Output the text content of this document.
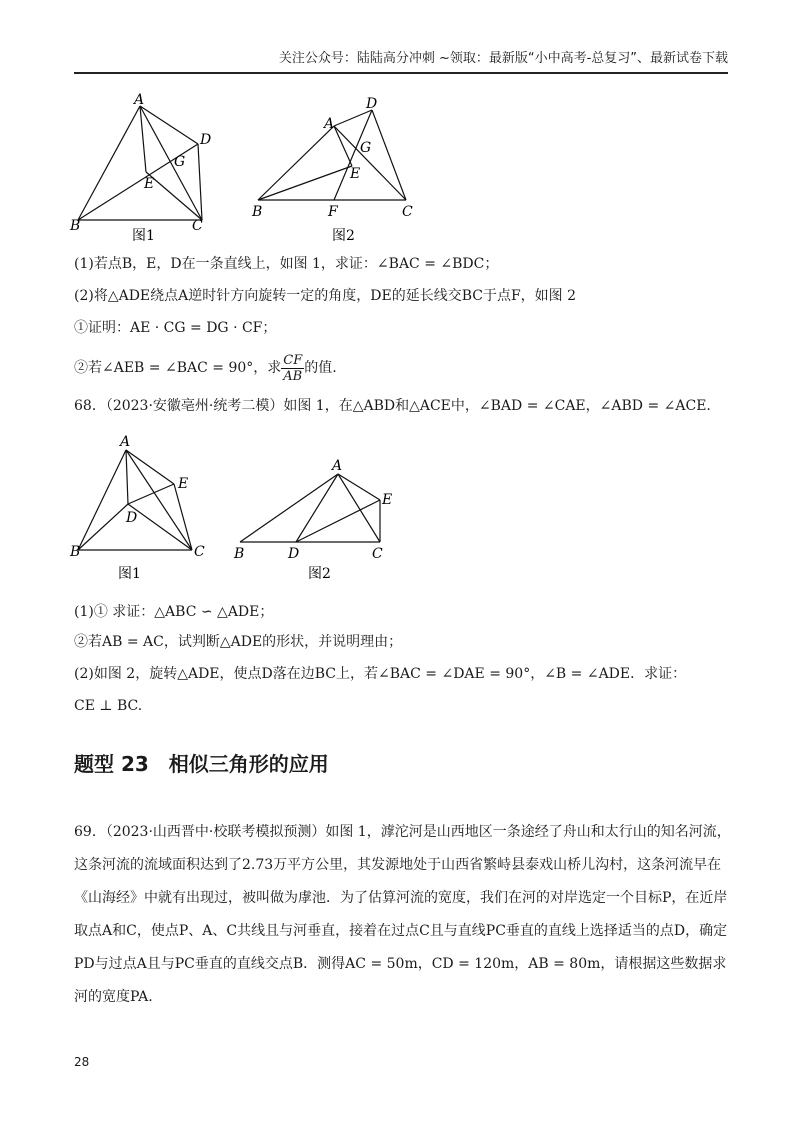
关注公众号：陆陆高分冲刺 ~领取：最新版“小中高考-总复习”、最新试卷下载
A
D
G
E
B	C
图1
A
D
G
E
B	F	C
图2
(1)若点B，E，D在一条直线上，如图 1，求证：∠BAC = ∠BDC；
(2)将△ADE绕点A逆时针方向旋转一定的角度，DE的延长线交BC于点F，如图 2
①证明：AE · CG = DG · CF；
②若∠AEB = ∠BAC = 90°，求 $\frac{CF}{AB}$ 的值.
68．（2023·安徽亳州·统考二模）如图 1，在△ABD和△ACE中，∠BAD = ∠CAE，∠ABD = ∠ACE.
A
E
D
B	C
图1
A
E
B	D	C
图2
(1)① 求证：△ABC ∽ △ADE；
②若AB = AC，试判断△ADE的形状，并说明理由；
(2)如图 2，旋转△ADE，使点D落在边BC上，若∠BAC = ∠DAE = 90°，∠B = ∠ADE．求证：
CE ⊥ BC.
题型 23　相似三角形的应用
69．（2023·山西晋中·校联考模拟预测）如图 1，滹沱河是山西地区一条途经了舟山和太行山的知名河流，这条河流的流域面积达到了2.73万平方公里，其发源地处于山西省繁峙县泰戏山桥儿沟村，这条河流早在《山海经》中就有出现过，被叫做为虖池．为了估算河流的宽度，我们在河的对岸选定一个目标P，在近岸取点A和C，使点P、A、C共线且与河垂直，接着在过点C且与直线PC垂直的直线上选择适当的点D，确定PD与过点A且与PC垂直的直线交点B．测得AC = 50m，CD = 120m，AB = 80m，请根据这些数据求河的宽度PA.
28
